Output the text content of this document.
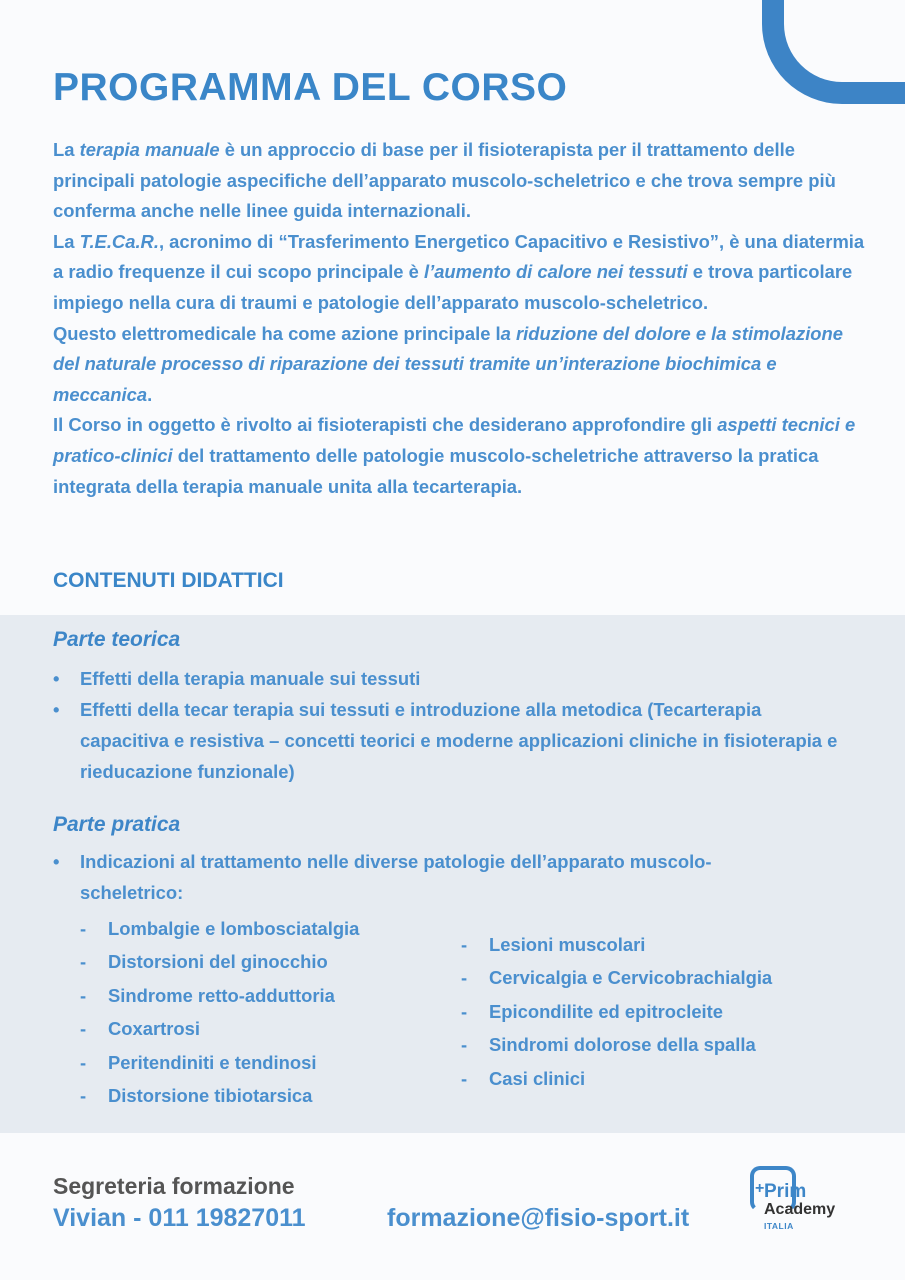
PROGRAMMA DEL CORSO

La terapia manuale è un approccio di base per il fisioterapista per il trattamento delle principali patologie aspecifiche dell’apparato muscolo-scheletrico e che trova sempre più conferma anche nelle linee guida internazionali.

La T.E.Ca.R., acronimo di “Trasferimento Energetico Capacitivo e Resistivo”, è una diatermia a radio frequenze il cui scopo principale è l’aumento di calore nei tessuti e trova particolare impiego nella cura di traumi e patologie dell’apparato muscolo-scheletrico.

Questo elettromedicale ha come azione principale la riduzione del dolore e la stimolazione del naturale processo di riparazione dei tessuti tramite un’interazione biochimica e meccanica.

Il Corso in oggetto è rivolto ai fisioterapisti che desiderano approfondire gli aspetti tecnici e pratico-clinici del trattamento delle patologie muscolo-scheletriche attraverso la pratica integrata della terapia manuale unita alla tecarterapia.

CONTENUTI DIDATTICI
Parte teorica
• Effetti della terapia manuale sui tessuti
• Effetti della tecar terapia sui tessuti e introduzione alla metodica (Tecarterapia capacitiva e resistiva – concetti teorici e moderne applicazioni cliniche in fisioterapia e rieducazione funzionale)
Parte pratica
• Indicazioni al trattamento nelle diverse patologie dell’apparato muscolo-scheletrico:
- Lombalgie e lombosciatalgia
- Distorsioni del ginocchio
- Sindrome retto-adduttoria
- Coxartrosi
- Peritendiniti e tendinosi
- Distorsione tibiotarsica
- Lesioni muscolari
- Cervicalgia e Cervicobrachialgia
- Epicondilite ed epitrocleite
- Sindromi dolorose della spalla
- Casi clinici
Segreteria formazione
Vivian - 011 19827011	formazione@fisio-sport.it
+ Prim
Academy
ITALIA
